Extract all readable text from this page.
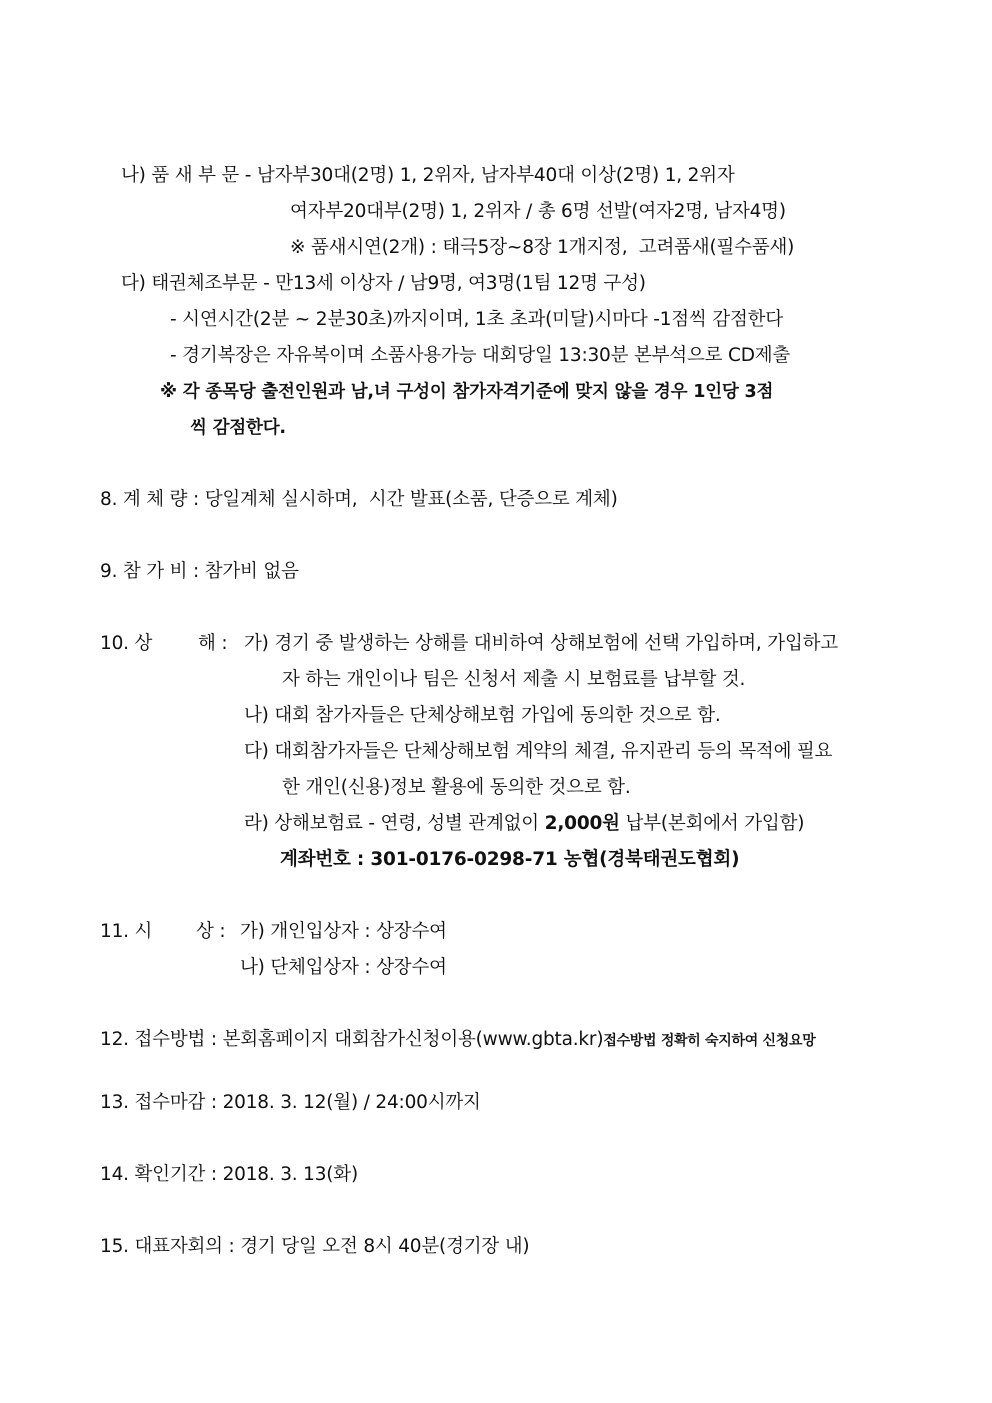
나) 품 새 부 문 - 남자부30대(2명) 1, 2위자, 남자부40대 이상(2명) 1, 2위자
여자부20대부(2명) 1, 2위자 / 총 6명 선발(여자2명, 남자4명)
※ 품새시연(2개) : 태극5장~8장 1개지정,  고려품새(필수품새)
다) 태권체조부문 - 만13세 이상자 / 남9명, 여3명(1팀 12명 구성)
- 시연시간(2분 ~ 2분30초)까지이며, 1초 초과(미달)시마다 -1점씩 감점한다
- 경기복장은 자유복이며 소품사용가능 대회당일 13:30분 본부석으로 CD제출
※ 각 종목당 출전인원과 남,녀 구성이 참가자격기준에 맞지 않을 경우 1인당 3점
씩 감점한다.
8. 계 체 량 : 당일계체 실시하며,  시간 발표(소품, 단증으로 계체)
9. 참 가 비 : 참가비 없음
10. 상 해 : 가) 경기 중 발생하는 상해를 대비하여 상해보험에 선택 가입하며, 가입하고
자 하는 개인이나 팀은 신청서 제출 시 보험료를 납부할 것.
나) 대회 참가자들은 단체상해보험 가입에 동의한 것으로 함.
다) 대회참가자들은 단체상해보험 계약의 체결, 유지관리 등의 목적에 필요
한 개인(신용)정보 활용에 동의한 것으로 함.
라) 상해보험료 - 연령, 성별 관계없이 2,000원 납부(본회에서 가입함)
계좌번호 : 301-0176-0298-71 농협(경북태권도협회)
11. 시 상 : 가) 개인입상자 : 상장수여
나) 단체입상자 : 상장수여
12. 접수방법 : 본회홈페이지 대회참가신청이용(www.gbta.kr)접수방법 정확히 숙지하여 신청요망
13. 접수마감 : 2018. 3. 12(월) / 24:00시까지
14. 확인기간 : 2018. 3. 13(화)
15. 대표자회의 : 경기 당일 오전 8시 40분(경기장 내)
